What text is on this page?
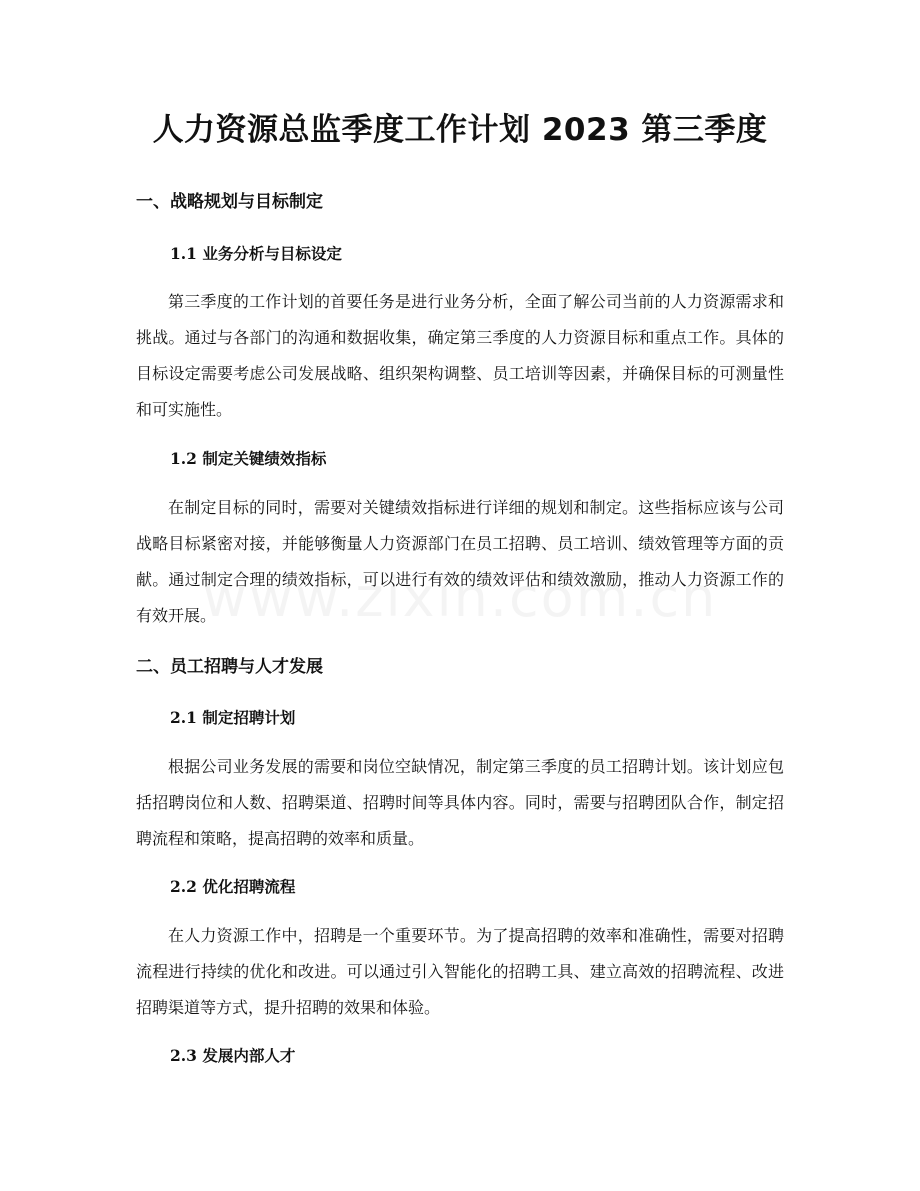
人力资源总监季度工作计划 2023 第三季度
一、战略规划与目标制定
1.1 业务分析与目标设定

第三季度的工作计划的首要任务是进行业务分析，全面了解公司当前的人力资源需求和挑战。通过与各部门的沟通和数据收集，确定第三季度的人力资源目标和重点工作。具体的目标设定需要考虑公司发展战略、组织架构调整、员工培训等因素，并确保目标的可测量性和可实施性。

1.2 制定关键绩效指标

在制定目标的同时，需要对关键绩效指标进行详细的规划和制定。这些指标应该与公司战略目标紧密对接，并能够衡量人力资源部门在员工招聘、员工培训、绩效管理等方面的贡献。通过制定合理的绩效指标，可以进行有效的绩效评估和绩效激励，推动人力资源工作的有效开展。

二、员工招聘与人才发展
2.1 制定招聘计划

根据公司业务发展的需要和岗位空缺情况，制定第三季度的员工招聘计划。该计划应包括招聘岗位和人数、招聘渠道、招聘时间等具体内容。同时，需要与招聘团队合作，制定招聘流程和策略，提高招聘的效率和质量。

2.2 优化招聘流程

在人力资源工作中，招聘是一个重要环节。为了提高招聘的效率和准确性，需要对招聘流程进行持续的优化和改进。可以通过引入智能化的招聘工具、建立高效的招聘流程、改进招聘渠道等方式，提升招聘的效果和体验。

2.3 发展内部人才
